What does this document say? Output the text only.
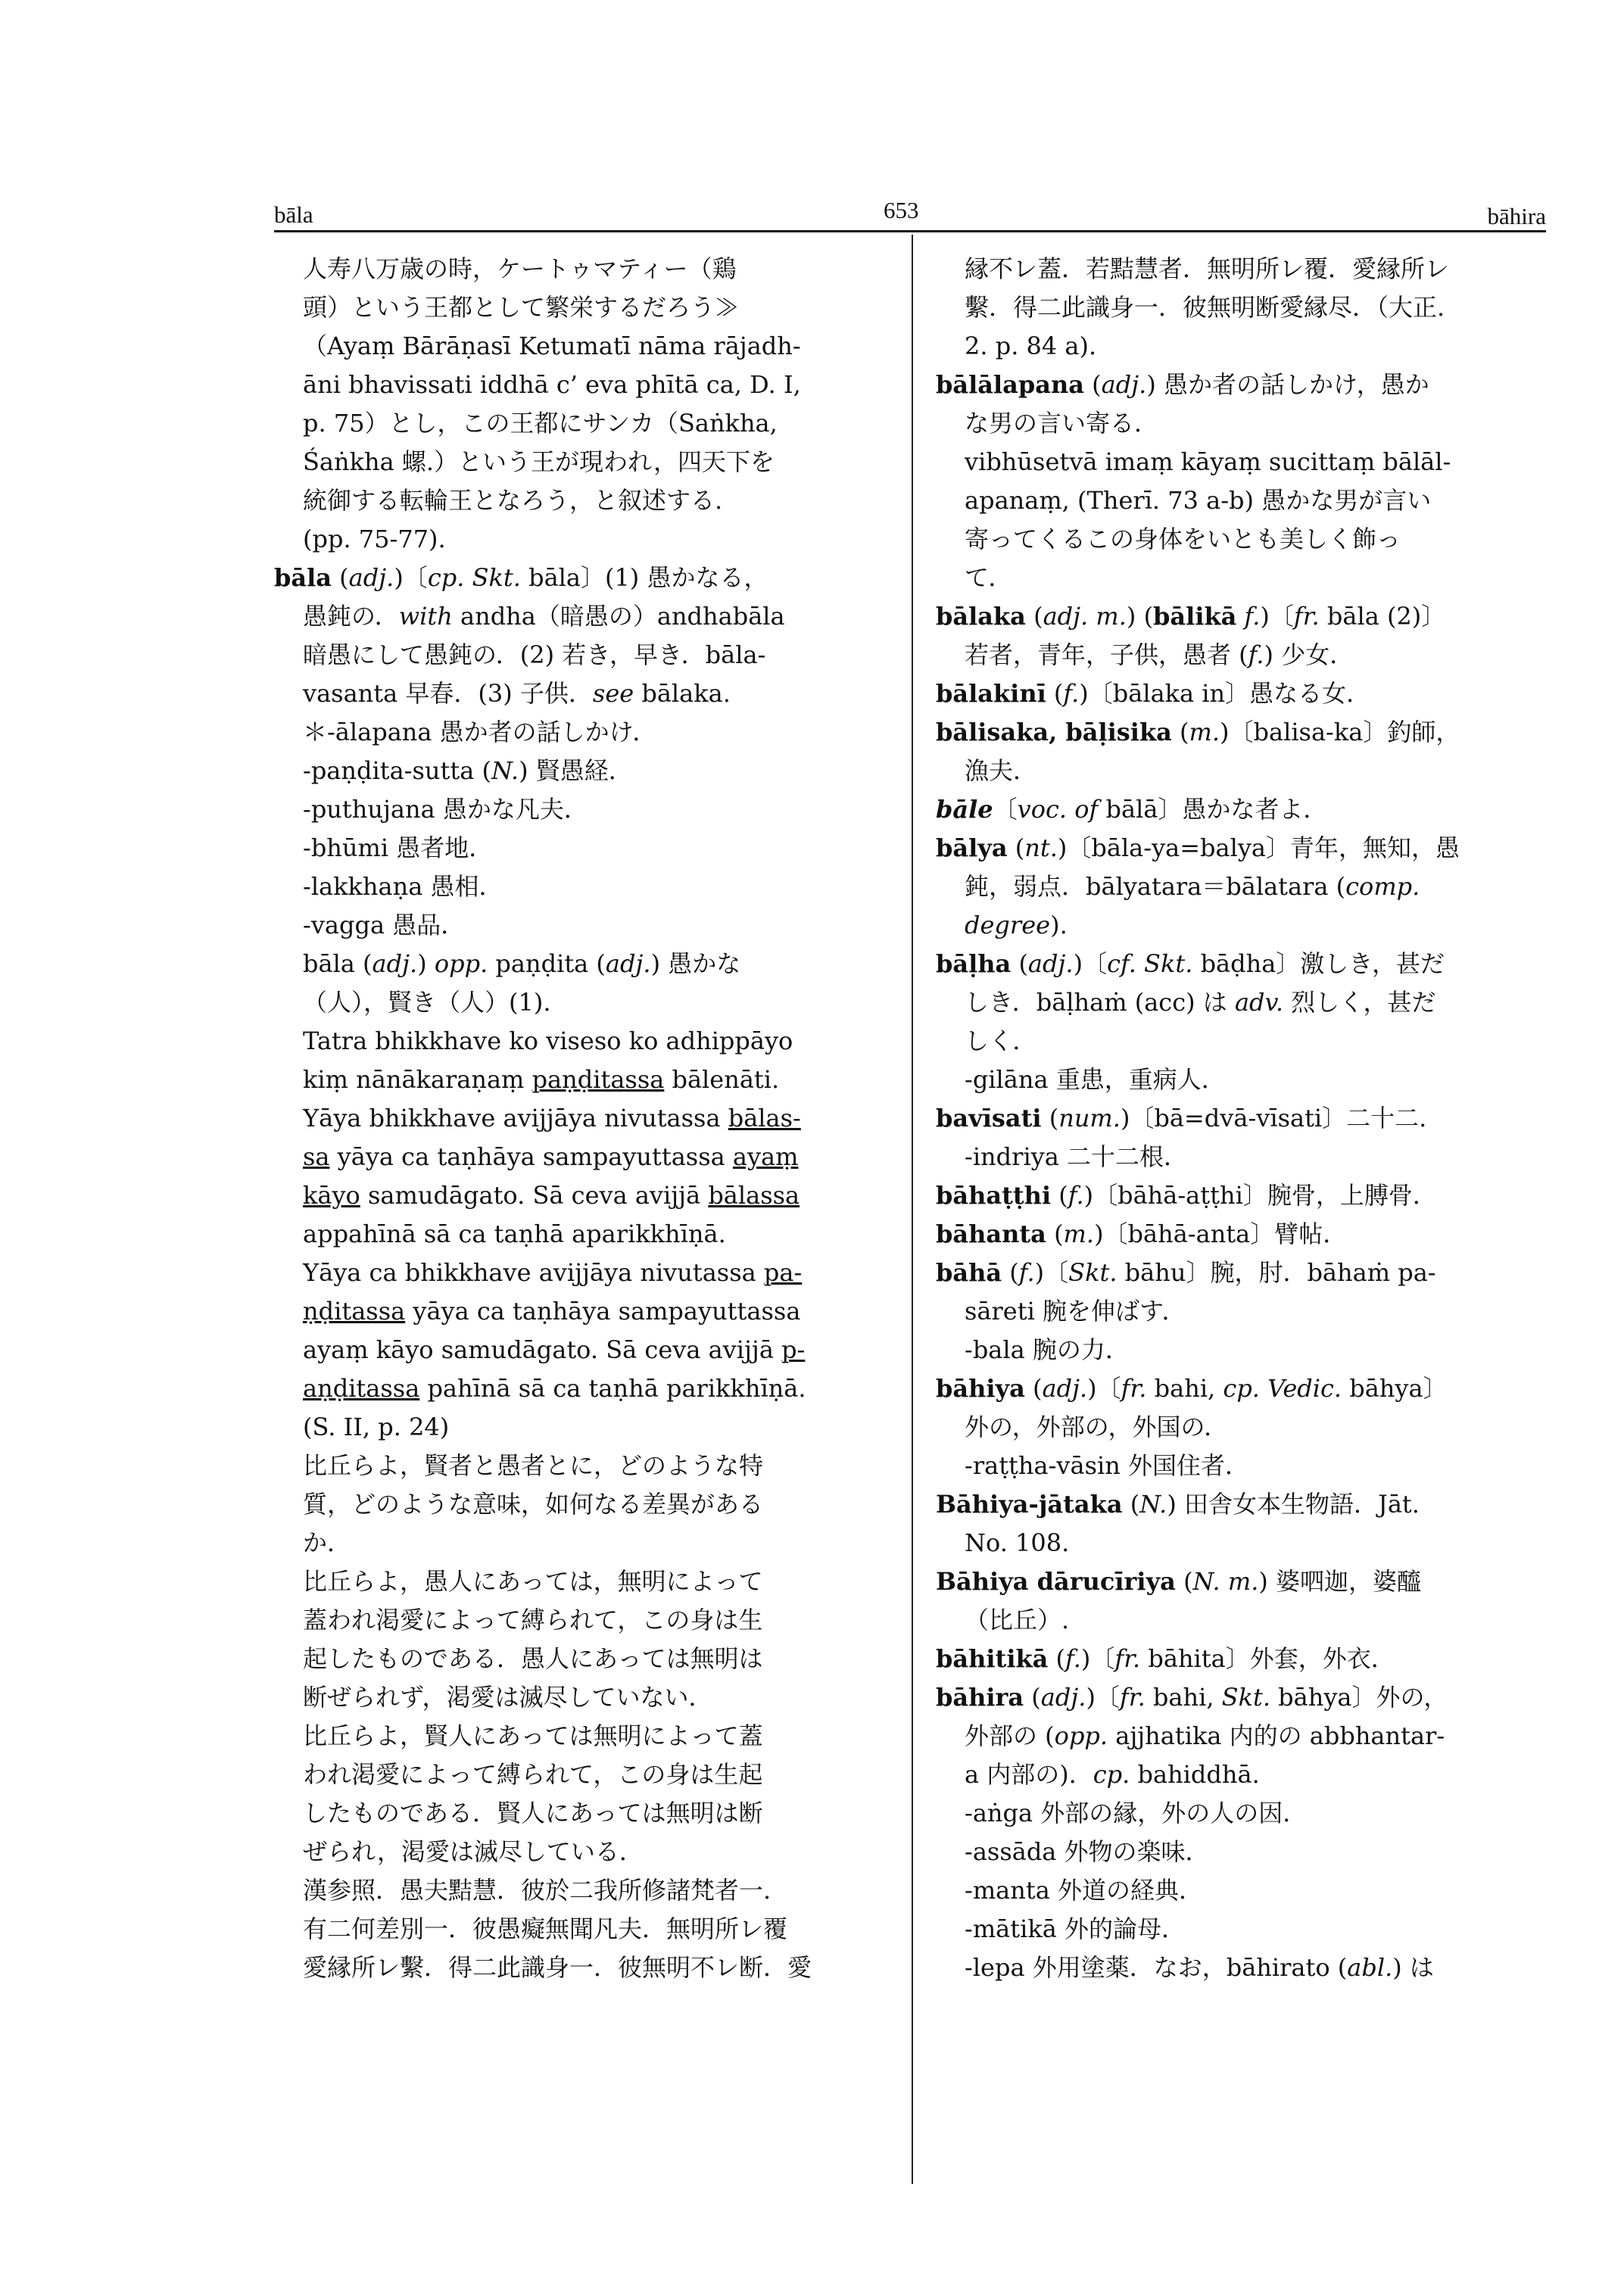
bāla	653	bāhira
人寿八万歳の時，ケートゥマティー（鶏
頭）という王都として繁栄するだろう≫
（Ayaṃ Bārāṇasī Ketumatī nāma rājadh-
āni bhavissati iddhā c’ eva phītā ca, D. I,
p. 75）とし，この王都にサンカ（Saṅkha,
Śaṅkha 螺.）という王が現われ，四天下を
統御する転輪王となろう，と叙述する.
(pp. 75-77).
bāla (adj.)〔cp. Skt. bāla〕(1) 愚かなる，
愚鈍の．with andha（暗愚の）andhabāla
暗愚にして愚鈍の．(2) 若き，早き．bāla-
vasanta 早春．(3) 子供．see bālaka.
＊-ālapana 愚か者の話しかけ．
-paṇḍita-sutta (N.) 賢愚経．
-puthujana 愚かな凡夫．
-bhūmi 愚者地．
-lakkhaṇa 愚相．
-vagga 愚品．
bāla (adj.) opp. paṇḍita (adj.) 愚かな
（人），賢き（人）(1).
Tatra bhikkhave ko viseso ko adhippāyo
kiṃ nānākaraṇaṃ paṇḍitassa bālenāti.
Yāya bhikkhave avijjāya nivutassa bālas-
sa yāya ca taṇhāya sampayuttassa ayaṃ
kāyo samudāgato. Sā ceva avijjā bālassa
appahīnā sā ca taṇhā aparikkhīṇā.
Yāya ca bhikkhave avijjāya nivutassa pa-
ṇḍitassa yāya ca taṇhāya sampayuttassa
ayaṃ kāyo samudāgato. Sā ceva avijjā p-
aṇḍitassa pahīnā sā ca taṇhā parikkhīṇā.
(S. II, p. 24)
比丘らよ，賢者と愚者とに，どのような特
質，どのような意味，如何なる差異がある
か．
比丘らよ，愚人にあっては，無明によって
蓋われ渇愛によって縛られて，この身は生
起したものである．愚人にあっては無明は
断ぜられず，渇愛は滅尽していない．
比丘らよ，賢人にあっては無明によって蓋
われ渇愛によって縛られて，この身は生起
したものである．賢人にあっては無明は断
ぜられ，渇愛は滅尽している．
漢参照．愚夫黠慧．彼於二我所修諸梵者一.
有二何差別一．彼愚癡無聞凡夫．無明所レ覆
愛縁所レ繫．得二此識身一．彼無明不レ断．愛
縁不レ蓋．若黠慧者．無明所レ覆．愛縁所レ
繫．得二此識身一．彼無明断愛縁尽．（大正.
2. p. 84 a).
bālālapana (adj.) 愚か者の話しかけ，愚か
な男の言い寄る．
vibhūsetvā imaṃ kāyaṃ sucittaṃ bālāl-
apanaṃ, (Therī. 73 a-b) 愚かな男が言い
寄ってくるこの身体をいとも美しく飾っ
て．
bālaka (adj. m.) (bālikā f.)〔fr. bāla (2)〕
若者，青年，子供，愚者 (f.) 少女．
bālakinī (f.)〔bālaka in〕愚なる女．
bālisaka, bāḷisika (m.)〔balisa-ka〕釣師，
漁夫．
bāle〔voc. of bālā〕愚かな者よ．
bālya (nt.)〔bāla-ya=balya〕青年，無知，愚
鈍，弱点．bālyatara＝bālatara (comp.
degree).
bāḷha (adj.)〔cf. Skt. bāḍha〕激しき，甚だ
しき．bāḷhaṁ (acc) は adv. 烈しく，甚だ
しく．
-gilāna 重患，重病人．
bavīsati (num.)〔bā=dvā-vīsati〕二十二.
-indriya 二十二根．
bāhaṭṭhi (f.)〔bāhā-aṭṭhi〕腕骨，上膊骨．
bāhanta (m.)〔bāhā-anta〕臂帖．
bāhā (f.)〔Skt. bāhu〕腕，肘．bāhaṁ pa-
sāreti 腕を伸ばす．
-bala 腕の力．
bāhiya (adj.)〔fr. bahi, cp. Vedic. bāhya〕
外の，外部の，外国の．
-raṭṭha-vāsin 外国住者．
Bāhiya-jātaka (N.) 田舎女本生物語．Jāt.
No. 108.
Bāhiya dārucīriya (N. m.) 婆呬迦，婆醯
（比丘）.
bāhitikā (f.)〔fr. bāhita〕外套，外衣．
bāhira (adj.)〔fr. bahi, Skt. bāhya〕外の，
外部の (opp. ajjhatika 内的の abbhantar-
a 内部の)．cp. bahiddhā.
-aṅga 外部の縁，外の人の因．
-assāda 外物の楽味．
-manta 外道の経典．
-mātikā 外的論母．
-lepa 外用塗薬．なお，bāhirato (abl.) は
